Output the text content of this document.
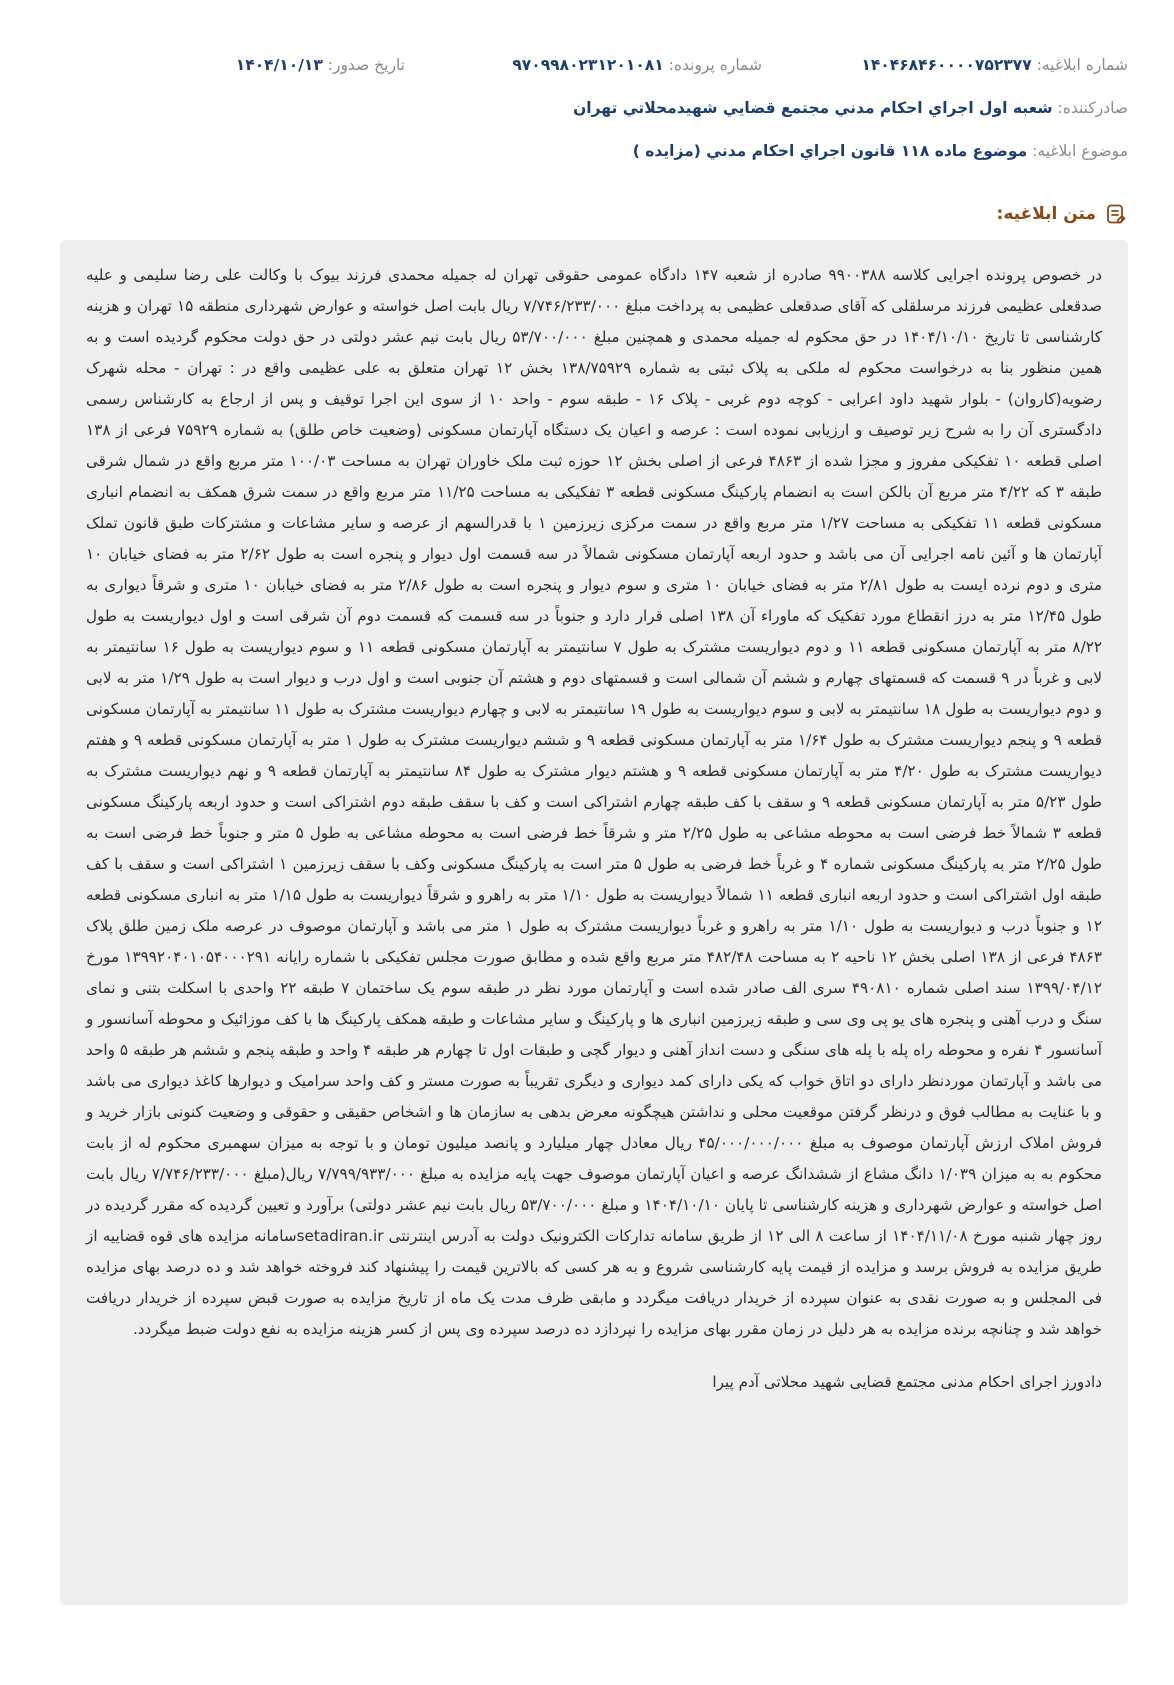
شماره ابلاغیه: ۱۴۰۴۶۸۴۶۰۰۰۰۷۵۲۳۷۷
شماره پرونده: ۹۷۰۹۹۸۰۲۳۱۲۰۱۰۸۱
تاریخ صدور: ۱۴۰۴/۱۰/۱۳
صادرکننده: شعبه اول اجراي احكام مدني مجتمع قضايي شهيدمحلاتي تهران
موضوع ابلاغیه: موضوع ماده ۱۱۸ قانون اجراي احكام مدني (مزايده )
متن ابلاغیه:

در خصوص پرونده اجرایی کلاسه ۹۹۰۰۳۸۸ صادره از شعبه ۱۴۷ دادگاه عمومی حقوقی تهران له جمیله محمدی فرزند بیوک با وکالت علی رضا سلیمی و علیه صدقعلی عظیمی فرزند مرسلقلی که آقای صدقعلی عظیمی به پرداخت مبلغ ۷/۷۴۶/۲۳۳/۰۰۰ ریال بابت اصل خواسته و عوارض شهرداری منطقه ۱۵ تهران و هزینه کارشناسی تا تاریخ ۱۴۰۴/۱۰/۱۰ در حق محکوم له جمیله محمدی و همچنین مبلغ ۵۳/۷۰۰/۰۰۰ ریال بابت نیم عشر دولتی در حق دولت محکوم گردیده است و به همین منظور بنا به درخواست محکوم له ملکی به پلاک ثبتی به شماره ۱۳۸/۷۵۹۲۹ بخش ۱۲ تهران متعلق به علی عظیمی واقع در : تهران - محله شهرک رضویه(کاروان) - بلوار شهید داود اعرابی - کوچه دوم غربی - پلاک ۱۶ - طبقه سوم - واحد ۱۰ از سوی این اجرا توقیف و پس از ارجاع به کارشناس رسمی دادگستری آن را به شرح زیر توصیف و ارزیابی نموده است : عرصه و اعیان یک دستگاه آپارتمان مسکونی (وضعیت خاص طلق) به شماره ۷۵۹۲۹ فرعی از ۱۳۸ اصلی قطعه ۱۰ تفکیکی مفروز و مجزا شده از ۴۸۶۳ فرعی از اصلی بخش ۱۲ حوزه ثبت ملک خاوران تهران به مساحت ۱۰۰/۰۳ متر مربع واقع در شمال شرقی طبقه ۳ که ۴/۲۲ متر مربع آن بالکن است به انضمام پارکینگ مسکونی قطعه ۳ تفکیکی به مساحت ۱۱/۲۵ متر مربع واقع در سمت شرق همکف به انضمام انباری مسکونی قطعه ۱۱ تفکیکی به مساحت ۱/۲۷ متر مربع واقع در سمت مرکزی زیرزمین ۱ با قدرالسهم از عرصه و سایر مشاعات و مشترکات طبق قانون تملک آپارتمان ها و آئین نامه اجرایی آن می باشد و حدود اربعه آپارتمان مسکونی شمالاً در سه قسمت اول دیوار و پنجره است به طول ۲/۶۲ متر به فضای خیابان ۱۰ متری و دوم نرده ایست به طول ۲/۸۱ متر به فضای خیابان ۱۰ متری و سوم دیوار و پنجره است به طول ۲/۸۶ متر به فضای خیابان ۱۰ متری و شرقاً دیواری به طول ۱۲/۴۵ متر به درز انقطاع مورد تفکیک که ماوراء آن ۱۳۸ اصلی قرار دارد و جنوباً در سه قسمت که قسمت دوم آن شرقی است و اول دیواریست به طول ۸/۲۲ متر به آپارتمان مسکونی قطعه ۱۱ و دوم دیواریست مشترک به طول ۷ سانتیمتر به آپارتمان مسکونی قطعه ۱۱ و سوم دیواریست به طول ۱۶ سانتیمتر به لابی و غرباً در ۹ قسمت که قسمتهای چهارم و ششم آن شمالی است و قسمتهای دوم و هشتم آن جنوبی است و اول درب و دیوار است به طول ۱/۲۹ متر به لابی و دوم دیواریست به طول ۱۸ سانتیمتر به لابی و سوم دیواریست به طول ۱۹ سانتیمتر به لابی و چهارم دیواریست مشترک به طول ۱۱ سانتیمتر به آپارتمان مسکونی قطعه ۹ و پنجم دیواریست مشترک به طول ۱/۶۴ متر به آپارتمان مسکونی قطعه ۹ و ششم دیواریست مشترک به طول ۱ متر به آپارتمان مسکونی قطعه ۹ و هفتم دیواریست مشترک به طول ۴/۲۰ متر به آپارتمان مسکونی قطعه ۹ و هشتم دیوار مشترک به طول ۸۴ سانتیمتر به آپارتمان قطعه ۹ و نهم دیواریست مشترک به طول ۵/۲۳ متر به آپارتمان مسکونی قطعه ۹ و سقف با کف طبقه چهارم اشتراکی است و کف با سقف طبقه دوم اشتراکی است و حدود اربعه پارکینگ مسکونی قطعه ۳ شمالاً خط فرضی است به محوطه مشاعی به طول ۲/۲۵ متر و شرقاً خط فرضی است به محوطه مشاعی به طول ۵ متر و جنوباً خط فرضی است به طول ۲/۲۵ متر به پارکینگ مسکونی شماره ۴ و غرباً خط فرضی به طول ۵ متر است به پارکینگ مسکونی وکف با سقف زیرزمین ۱ اشتراکی است و سقف با کف طبقه اول اشتراکی است و حدود اربعه انباری قطعه ۱۱ شمالاً دیواریست به طول ۱/۱۰ متر به راهرو و شرقاً دیواریست به طول ۱/۱۵ متر به انباری مسکونی قطعه ۱۲ و جنوباً درب و دیواریست به طول ۱/۱۰ متر به راهرو و غرباً دیواریست مشترک به طول ۱ متر می باشد و آپارتمان موصوف در عرصه ملک زمین طلق پلاک ۴۸۶۳ فرعی از ۱۳۸ اصلی بخش ۱۲ ناحیه ۲ به مساحت ۴۸۲/۴۸ متر مربع واقع شده و مطابق صورت مجلس تفکیکی با شماره رایانه ۱۳۹۹۲۰۴۰۱۰۵۴۰۰۰۲۹۱ مورخ ۱۳۹۹/۰۴/۱۲ سند اصلی شماره ۴۹۰۸۱۰ سری الف صادر شده است و آپارتمان مورد نظر در طبقه سوم یک ساختمان ۷ طبقه ۲۲ واحدی با اسکلت بتنی و نمای سنگ و درب آهنی و پنجره های یو پی وی سی و طبقه زیرزمین انباری ها و پارکینگ و سایر مشاعات و طبقه همکف پارکینگ ها با کف موزائیک و محوطه آسانسور و آسانسور ۴ نفره و محوطه راه پله با پله های سنگی و دست انداز آهنی و دیوار گچی و طبقات اول تا چهارم هر طبقه ۴ واحد و طبقه پنجم و ششم هر طبقه ۵ واحد می باشد و آپارتمان موردنظر دارای دو اتاق خواب که یکی دارای کمد دیواری و دیگری تقریباً به صورت مستر و کف واحد سرامیک و دیوارها کاغذ دیواری می باشد و با عنایت به مطالب فوق و درنظر گرفتن موقعیت محلی و نداشتن هیچگونه معرض بدهی به سازمان ها و اشخاص حقیقی و حقوقی و وضعیت کنونی بازار خرید و فروش املاک ارزش آپارتمان موصوف به مبلغ ۴۵/۰۰۰/۰۰۰/۰۰۰ ریال معادل چهار میلیارد و پانصد میلیون تومان و با توجه به میزان سهمبری محکوم له از بابت محکوم به به میزان ۱/۰۳۹ دانگ مشاع از ششدانگ عرصه و اعیان آپارتمان موصوف جهت پایه مزایده به مبلغ ۷/۷۹۹/۹۳۳/۰۰۰ ریال(مبلغ ۷/۷۴۶/۲۳۳/۰۰۰ ریال بابت اصل خواسته و عوارض شهرداری و هزینه کارشناسی تا پایان ۱۴۰۴/۱۰/۱۰ و مبلغ ۵۳/۷۰۰/۰۰۰ ریال بابت نیم عشر دولتی) برآورد و تعیین گردیده که مقرر گردیده در روز چهار شنبه مورخ ۱۴۰۴/۱۱/۰۸ از ساعت ۸ الی ۱۲ از طریق سامانه تدارکات الکترونیک دولت به آدرس اینترنتی setadiran.irسامانه مزایده های قوه قضاییه از طریق مزایده به فروش برسد و مزایده از قیمت پایه کارشناسی شروع و به هر کسی که بالاترین قیمت را پیشنهاد کند فروخته خواهد شد و ده درصد بهای مزایده فی المجلس و به صورت نقدی به عنوان سپرده از خریدار دریافت میگردد و مابقی ظرف مدت یک ماه از تاریخ مزایده به صورت قبض سپرده از خریدار دریافت خواهد شد و چنانچه برنده مزایده به هر دلیل در زمان مقرر بهای مزایده را نپردازد ده درصد سپرده وی پس از کسر هزینه مزایده به نفع دولت ضبط میگردد.

دادورز اجرای احکام مدنی مجتمع قضایی شهید محلاتی آدم پیرا
